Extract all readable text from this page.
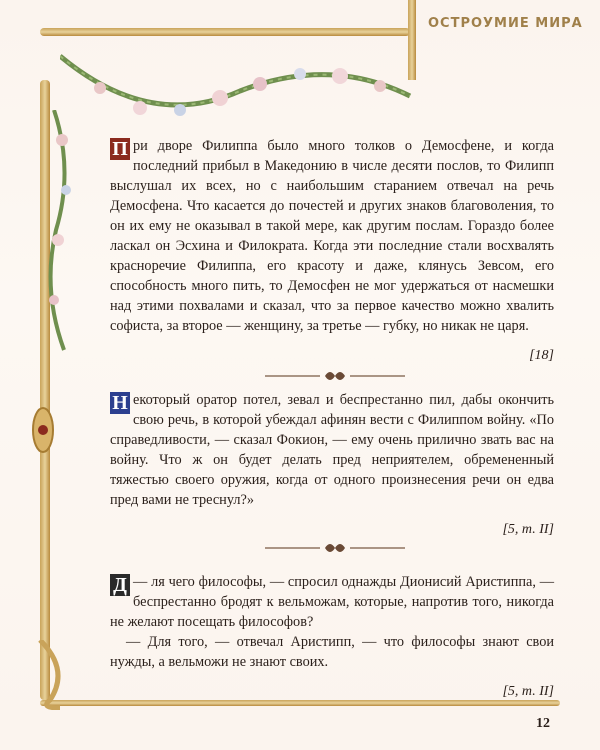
ОСТРОУМИЕ МИРА
П ри дворе Филиппа было много толков о Демосфене, и когда последний прибыл в Македонию в числе десяти послов, то Филипп выслушал их всех, но с наибольшим старанием отвечал на речь Демосфена. Что касается до почестей и других знаков благоволения, то он их ему не оказывал в такой мере, как другим послам. Гораздо более ласкал он Эсхина и Филократа. Когда эти последние стали восхвалять красноречие Филиппа, его красоту и даже, клянусь Зевсом, его способность много пить, то Демосфен не мог удержаться от насмешки над этими похвалами и сказал, что за первое качество можно хвалить софиста, за второе — женщину, за третье — губку, но никак не царя.
[18]
Н екоторый оратор потел, зевал и беспрестанно пил, дабы окончить свою речь, в которой убеждал афинян вести с Филиппом войну. «По справедливости, — сказал Фокион, — ему очень прилично звать вас на войну. Что ж он будет делать пред неприятелем, обремененный тяжестью своего оружия, когда от одного произнесения речи он едва пред вами не треснул?»
[5, т. II]

—
Д ля чего философы, — спросил однажды Дионисий Аристиппа, — беспрестанно бродят к вельможам, которые, напротив того, никогда не желают посещать философов?

— Для того, — отвечал Аристипп, — что философы знают свои нужды, а вельможи не знают своих.

[5, т. II]
12
